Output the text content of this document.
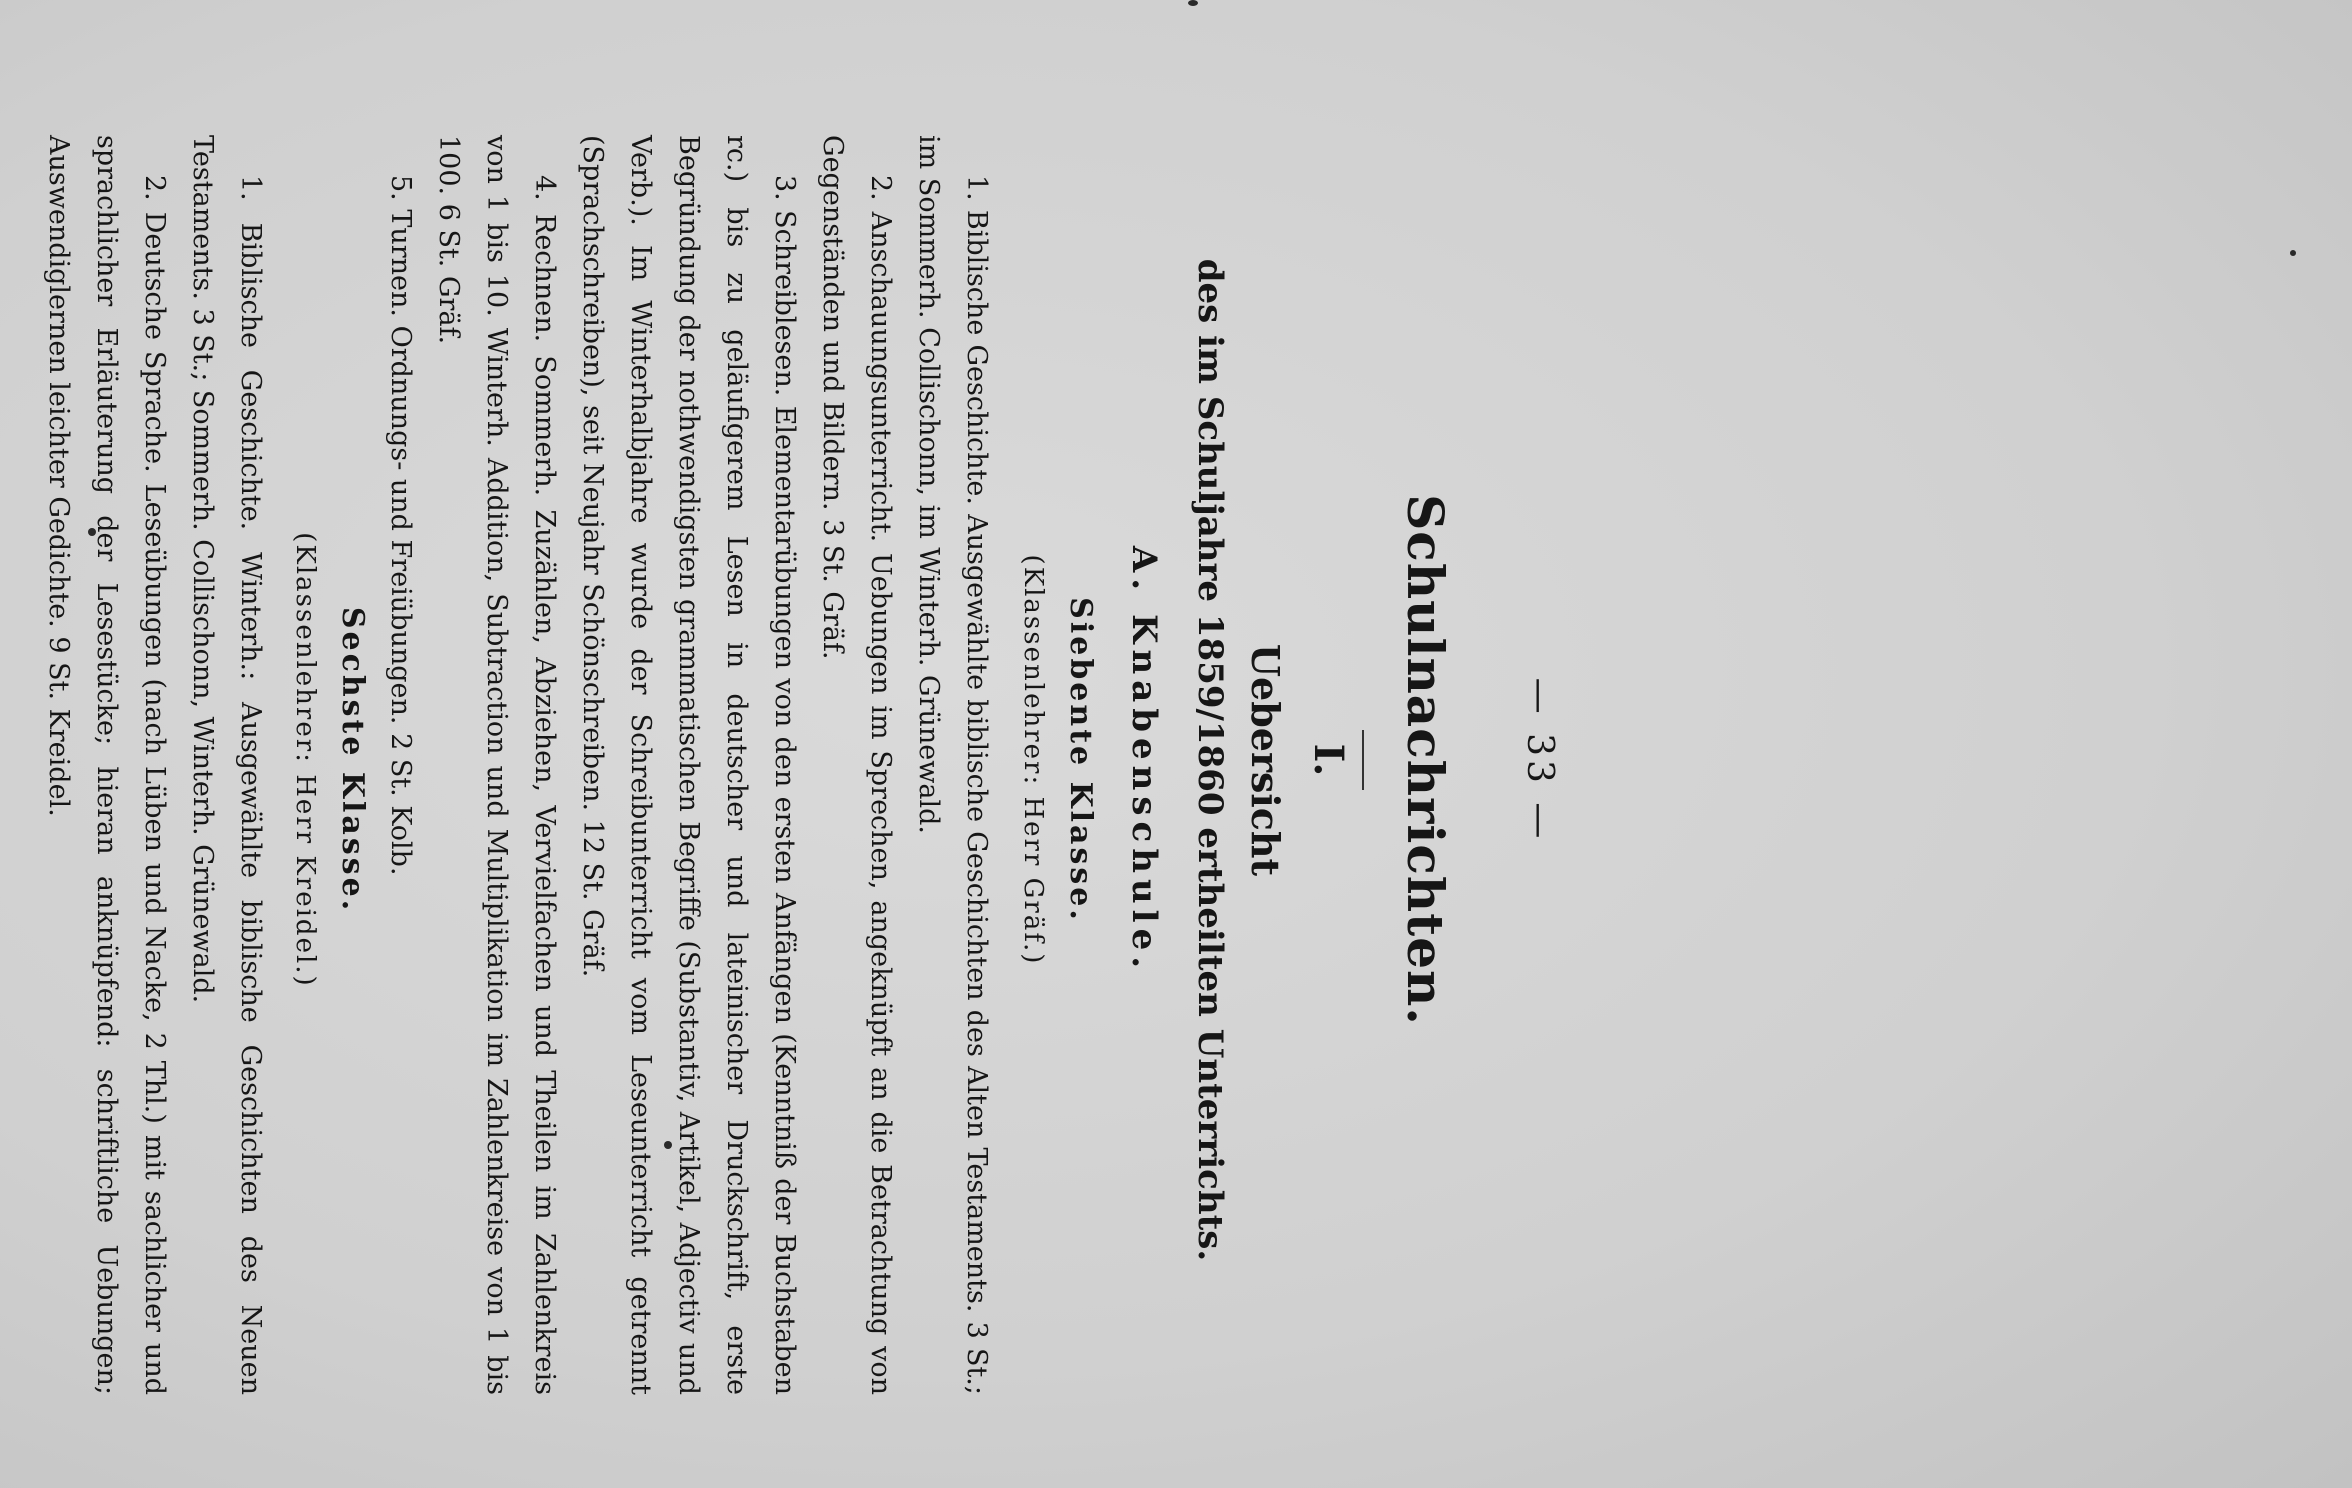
— 33 —
Schulnachrichten.
I.
Uebersicht
des im Schuljahre 1859/1860 ertheilten Unterrichts.
A. Knabenschule.
Siebente Klasse.
(Klassenlehrer: Herr Gräf.)

1. Biblische Geschichte. Ausgewählte biblische Geschichten des Alten Testaments. 3 St.; im Sommerh. Collischonn, im Winterh. Grünewald.

2. Anschauungsunterricht. Uebungen im Sprechen, angeknüpft an die Betrachtung von Gegenständen und Bildern. 3 St. Gräf.

3. Schreiblesen. Elementarübungen von den ersten Anfängen (Kenntniß der Buchstaben rc.) bis zu geläufigerem Lesen in deutscher und lateinischer Druckschrift, erste Begründung der nothwendigsten grammatischen Begriffe (Substantiv, Artikel, Adjectiv und Verb.). Im Winterhalbjahre wurde der Schreibunterricht vom Leseunterricht getrennt (Sprachschreiben), seit Neujahr Schönschreiben. 12 St. Gräf.

4. Rechnen. Sommerh. Zuzählen, Abziehen, Vervielfachen und Theilen im Zahlenkreis von 1 bis 10. Winterh. Addition, Subtraction und Multiplikation im Zahlenkreise von 1 bis 100. 6 St. Gräf.

5. Turnen. Ordnungs- und Freiübungen. 2 St. Kolb.

Sechste Klasse.
(Klassenlehrer: Herr Kreidel.)

1. Biblische Geschichte. Winterh.: Ausgewählte biblische Geschichten des Neuen Testaments. 3 St.; Sommerh. Collischonn, Winterh. Grünewald.

2. Deutsche Sprache. Leseübungen (nach Lüben und Nacke, 2 Thl.) mit sachlicher und sprachlicher Erläuterung der Lesestücke; hieran anknüpfend: schriftliche Uebungen; Auswendiglernen leichter Gedichte. 9 St. Kreidel.
